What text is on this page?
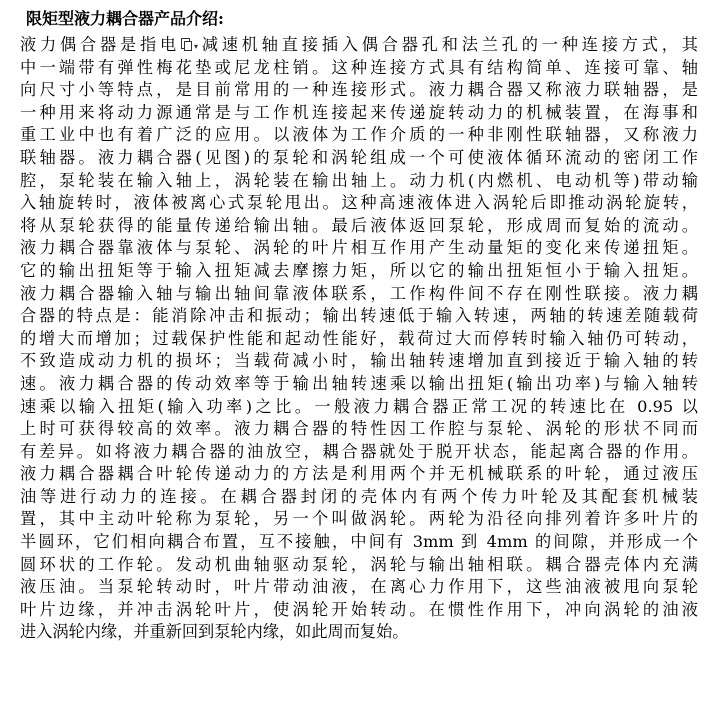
限矩型液力耦合器产品介绍:
液力偶合器是指电 ▾ 减速机轴直接插入偶合器孔和法兰孔的一种连接方式，其
中一端带有弹性梅花垫或尼龙柱销。这种连接方式具有结构简单、连接可靠、轴
向尺寸小等特点，是目前常用的一种连接形式。液力耦合器又称液力联轴器，是
一种用来将动力源通常是与工作机连接起来传递旋转动力的机械装置，在海事和
重工业中也有着广泛的应用。以液体为工作介质的一种非刚性联轴器，又称液力
联轴器。液力耦合器(见图)的泵轮和涡轮组成一个可使液体循环流动的密闭工作
腔，泵轮装在输入轴上，涡轮装在输出轴上。动力机(内燃机、电动机等)带动输
入轴旋转时，液体被离心式泵轮甩出。这种高速液体进入涡轮后即推动涡轮旋转，
将从泵轮获得的能量传递给输出轴。最后液体返回泵轮，形成周而复始的流动。
液力耦合器靠液体与泵轮、涡轮的叶片相互作用产生动量矩的变化来传递扭矩。
它的输出扭矩等于输入扭矩减去摩擦力矩，所以它的输出扭矩恒小于输入扭矩。
液力耦合器输入轴与输出轴间靠液体联系，工作构件间不存在刚性联接。液力耦
合器的特点是：能消除冲击和振动；输出转速低于输入转速，两轴的转速差随载荷
的增大而增加；过载保护性能和起动性能好，载荷过大而停转时输入轴仍可转动，
不致造成动力机的损坏；当载荷减小时，输出轴转速增加直到接近于输入轴的转
速。液力耦合器的传动效率等于输出轴转速乘以输出扭矩(输出功率)与输入轴转
速乘以输入扭矩(输入功率)之比。一般液力耦合器正常工况的转速比在 0.95 以
上时可获得较高的效率。液力耦合器的特性因工作腔与泵轮、涡轮的形状不同而
有差异。如将液力耦合器的油放空，耦合器就处于脱开状态，能起离合器的作用。
液力耦合器耦合叶轮传递动力的方法是利用两个并无机械联系的叶轮，通过液压
油等进行动力的连接。在耦合器封闭的壳体内有两个传力叶轮及其配套机械装
置，其中主动叶轮称为泵轮，另一个叫做涡轮。两轮为沿径向排列着许多叶片的
半圆环，它们相向耦合布置，互不接触，中间有 3mm 到 4mm 的间隙，并形成一个
圆环状的工作轮。发动机曲轴驱动泵轮，涡轮与输出轴相联。耦合器壳体内充满
液压油。当泵轮转动时，叶片带动油液，在离心力作用下，这些油液被甩向泵轮
叶片边缘，并冲击涡轮叶片，使涡轮开始转动。在惯性作用下，冲向涡轮的油液
进入涡轮内缘，并重新回到泵轮内缘，如此周而复始。
